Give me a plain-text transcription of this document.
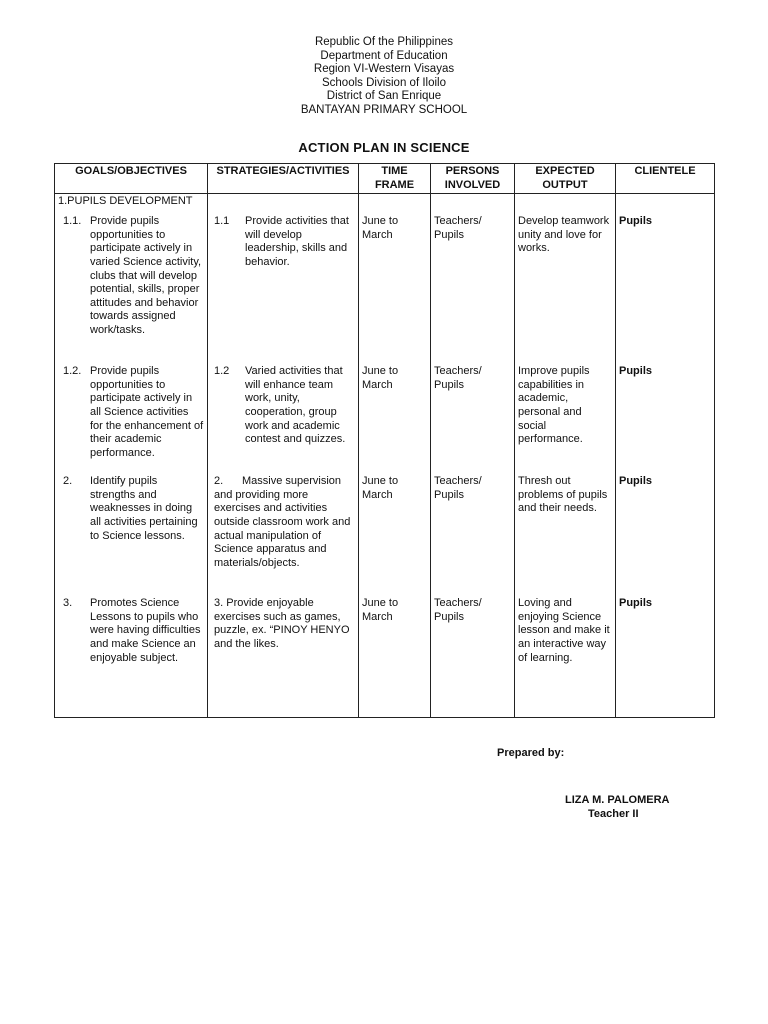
Republic Of the Philippines
Department of Education
Region VI-Western Visayas
Schools Division of Iloilo
District of San Enrique
BANTAYAN PRIMARY SCHOOL
ACTION PLAN IN SCIENCE
GOALS/OBJECTIVES	STRATEGIES/ACTIVITIES	TIME FRAME	PERSONS INVOLVED	EXPECTED OUTPUT	CLIENTELE
1.PUPILS DEVELOPMENT					
1.1. Provide pupils opportunities to participate actively in varied Science activity, clubs that will develop potential, skills, proper attitudes and behavior towards assigned work/tasks.	1.1 Provide activities that will develop leadership, skills and behavior.	June to March	Teachers/ Pupils	Develop teamwork unity and love for works.	Pupils
1.2. Provide pupils opportunities to participate actively in all Science activities for the enhancement of their academic performance.	1.2 Varied activities that will enhance team work, unity, cooperation, group work and academic contest and quizzes.	June to March	Teachers/ Pupils	Improve pupils capabilities in academic, personal and social performance.	Pupils
2. Identify pupils strengths and weaknesses in doing all activities pertaining to Science lessons.	2. Massive supervision and providing more exercises and activities outside classroom work and actual manipulation of Science apparatus and materials/objects.	June to March	Teachers/ Pupils	Thresh out problems of pupils and their needs.	Pupils
3. Promotes Science Lessons to pupils who were having difficulties and make Science an enjoyable subject.	3. Provide enjoyable exercises such as games, puzzle, ex. “PINOY HENYO and the likes.	June to March	Teachers/ Pupils	Loving and enjoying Science lesson and make it an interactive way of learning.	Pupils
Prepared by:
LIZA M. PALOMERA
Teacher II
